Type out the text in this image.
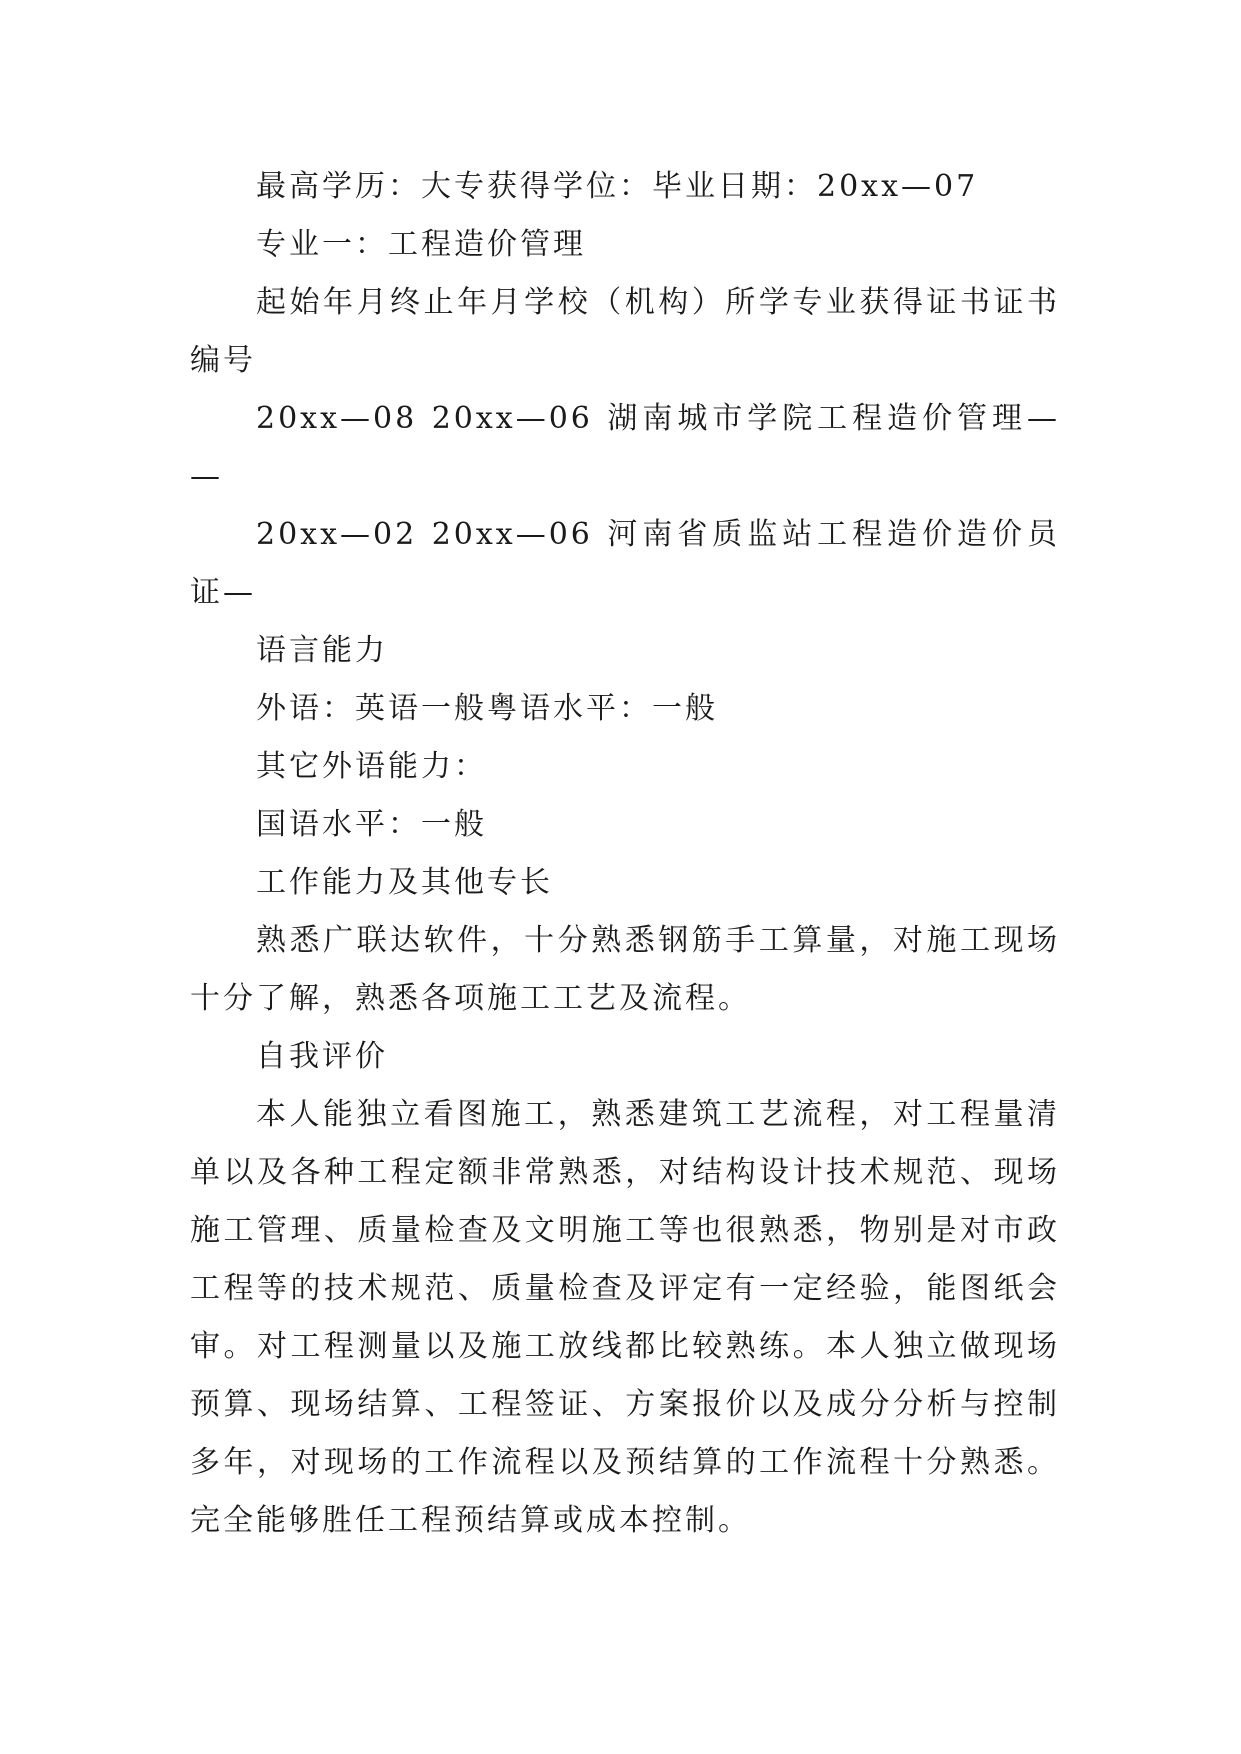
最高学历：大专获得学位：毕业日期：20xx—07

专业一：工程造价管理

起始年月终止年月学校（机构）所学专业获得证书证书编号

20xx—08 20xx—06 湖南城市学院工程造价管理— —

20xx—02 20xx—06 河南省质监站工程造价造价员证—

语言能力

外语：英语一般粤语水平：一般

其它外语能力：

国语水平：一般

工作能力及其他专长

熟悉广联达软件，十分熟悉钢筋手工算量，对施工现场十分了解，熟悉各项施工工艺及流程。

自我评价

本人能独立看图施工，熟悉建筑工艺流程，对工程量清单以及各种工程定额非常熟悉，对结构设计技术规范、现场施工管理、质量检查及文明施工等也很熟悉，物别是对市政工程等的技术规范、质量检查及评定有一定经验，能图纸会审。对工程测量以及施工放线都比较熟练。本人独立做现场预算、现场结算、工程签证、方案报价以及成分分析与控制多年，对现场的工作流程以及预结算的工作流程十分熟悉。完全能够胜任工程预结算或成本控制。
